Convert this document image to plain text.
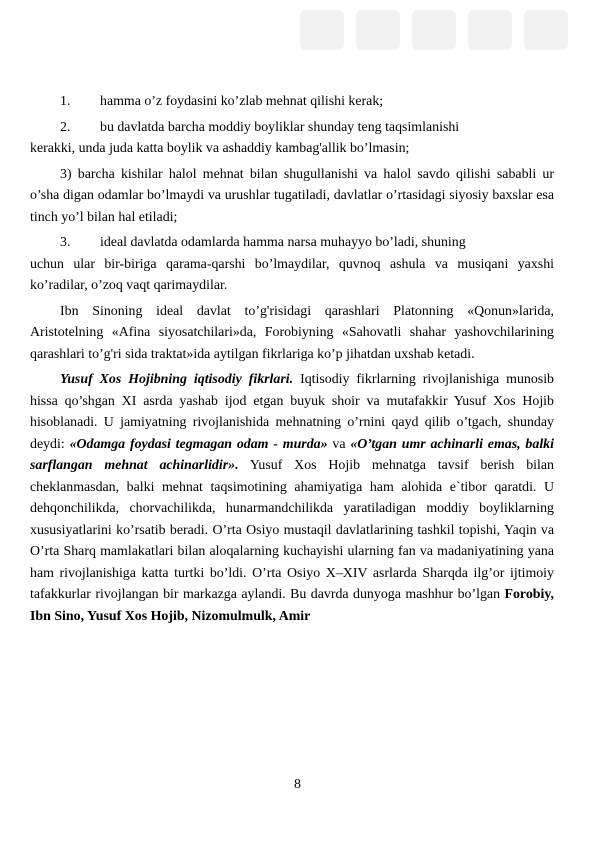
1.	hamma o’z foydasini ko’zlab mehnat qilishi kerak;
2.	bu davlatda barcha moddiy boyliklar shunday teng taqsimlanishi

kerakki, unda juda katta boylik va ashaddiy kambag'allik bo’lmasin;

3) barcha kishilar halol mehnat bilan shugullanishi va halol savdo qilishi sababli ur o’sha digan odamlar bo’lmaydi va urushlar tugatiladi, davlatlar o’rtasidagi siyosiy baxslar esa tinch yo’l bilan hal etiladi;

3.	ideal davlatda odamlarda hamma narsa muhayyo bo’ladi, shuning

uchun ular bir-biriga qarama-qarshi bo’lmaydilar, quvnoq ashula va musiqani yaxshi ko’radilar, o’zoq vaqt qarimaydilar.

Ibn Sinoning ideal davlat to’g'risidagi qarashlari Platonning «Qonun»larida, Aristotelning «Afina siyosatchilari»da, Forobiyning «Sahovatli shahar yashovchilarining qarashlari to’g'ri sida traktat»ida aytilgan fikrlariga ko’p jihatdan uxshab ketadi.

Yusuf Xos Hojibning iqtisodiy fikrlari. Iqtisodiy fikrlarning rivojlanishiga munosib hissa qo’shgan XI asrda yashab ijod etgan buyuk shoir va mutafakkir Yusuf Xos Hojib hisoblanadi. U jamiyatning rivojlanishida mehnatning o’rnini qayd qilib o’tgach, shunday deydi: «Odamga foydasi tegmagan odam - murda» va «O’tgan umr achinarli emas, balki sarflangan mehnat achinarlidir». Yusuf Xos Hojib mehnatga tavsif berish bilan cheklanmasdan, balki mehnat taqsimotining ahamiyatiga ham alohida e`tibor qaratdi. U dehqonchilikda, chorvachilikda, hunarmandchilikda yaratiladigan moddiy boyliklarning xususiyatlarini ko’rsatib beradi. O’rta Osiyo mustaqil davlatlarining tashkil topishi, Yaqin va O’rta Sharq mamlakatlari bilan aloqalarning kuchayishi ularning fan va madaniyatining yana ham rivojlanishiga katta turtki bo’ldi. O’rta Osiyo X–XIV asrlarda Sharqda ilg’or ijtimoiy tafakkurlar rivojlangan bir markazga aylandi. Bu davrda dunyoga mashhur bo’lgan Forobiy, Ibn Sino, Yusuf Xos Hojib, Nizomulmulk, Amir

8
